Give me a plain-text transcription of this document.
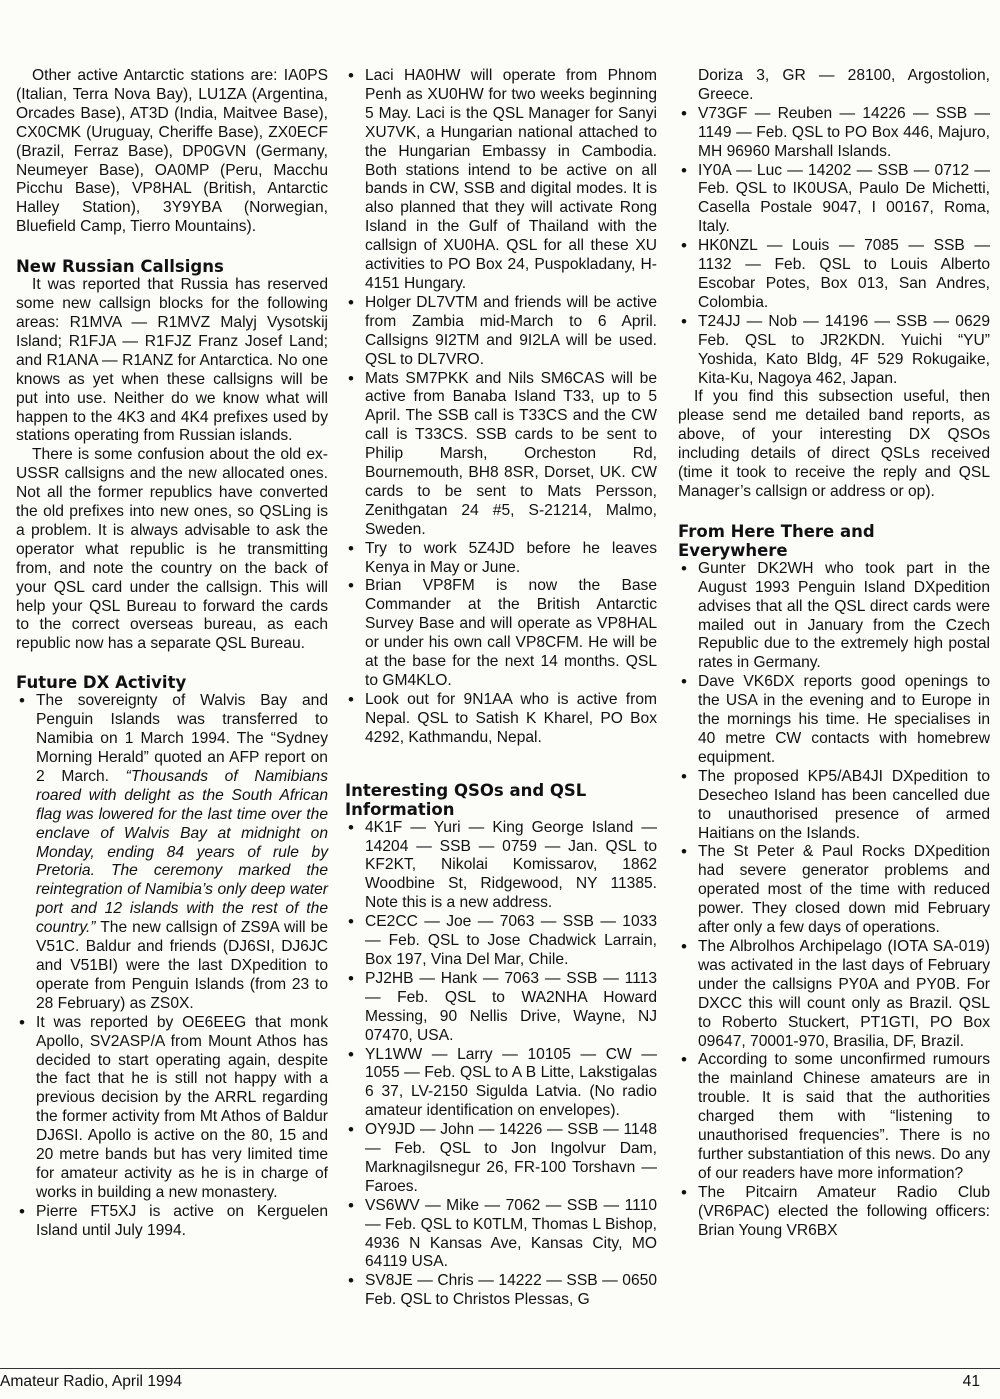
Other active Antarctic stations are: IA0PS (Italian, Terra Nova Bay), LU1ZA (Argentina, Orcades Base), AT3D (India, Maitvee Base), CX0CMK (Uruguay, Cheriffe Base), ZX0ECF (Brazil, Ferraz Base), DP0GVN (Germany, Neumeyer Base), OA0MP (Peru, Macchu Picchu Base), VP8HAL (British, Antarctic Halley Station), 3Y9YBA (Norwegian, Bluefield Camp, Tierro Mountains).

New Russian Callsigns

It was reported that Russia has reserved some new callsign blocks for the following areas: R1MVA — R1MVZ Malyj Vysotskij Island; R1FJA — R1FJZ Franz Josef Land; and R1ANA — R1ANZ for Antarctica. No one knows as yet when these callsigns will be put into use. Neither do we know what will happen to the 4K3 and 4K4 prefixes used by stations operating from Russian islands.

There is some confusion about the old ex-USSR callsigns and the new allocated ones. Not all the former republics have converted the old prefixes into new ones, so QSLing is a problem. It is always advisable to ask the operator what republic is he transmitting from, and note the country on the back of your QSL card under the callsign. This will help your QSL Bureau to forward the cards to the correct overseas bureau, as each republic now has a separate QSL Bureau.

Future DX Activity
• The sovereignty of Walvis Bay and Penguin Islands was transferred to Namibia on 1 March 1994. The “Sydney Morning Herald” quoted an AFP report on 2 March. “Thousands of Namibians roared with delight as the South African flag was lowered for the last time over the enclave of Walvis Bay at midnight on Monday, ending 84 years of rule by Pretoria. The ceremony marked the reintegration of Namibia’s only deep water port and 12 islands with the rest of the country.” The new callsign of ZS9A will be V51C. Baldur and friends (DJ6SI, DJ6JC and V51BI) were the last DXpedition to operate from Penguin Islands (from 23 to 28 February) as ZS0X.
• It was reported by OE6EEG that monk Apollo, SV2ASP/A from Mount Athos has decided to start operating again, despite the fact that he is still not happy with a previous decision by the ARRL regarding the former activity from Mt Athos of Baldur DJ6SI. Apollo is active on the 80, 15 and 20 metre bands but has very limited time for amateur activity as he is in charge of works in building a new monastery.
• Pierre FT5XJ is active on Kerguelen Island until July 1994.
• Laci HA0HW will operate from Phnom Penh as XU0HW for two weeks beginning 5 May. Laci is the QSL Manager for Sanyi XU7VK, a Hungarian national attached to the Hungarian Embassy in Cambodia. Both stations intend to be active on all bands in CW, SSB and digital modes. It is also planned that they will activate Rong Island in the Gulf of Thailand with the callsign of XU0HA. QSL for all these XU activities to PO Box 24, Puspokladany, H-4151 Hungary.
• Holger DL7VTM and friends will be active from Zambia mid-March to 6 April. Callsigns 9I2TM and 9I2LA will be used. QSL to DL7VRO.
• Mats SM7PKK and Nils SM6CAS will be active from Banaba Island T33, up to 5 April. The SSB call is T33CS and the CW call is T33CS. SSB cards to be sent to Philip Marsh, Orcheston Rd, Bournemouth, BH8 8SR, Dorset, UK. CW cards to be sent to Mats Persson, Zenithgatan 24 #5, S-21214, Malmo, Sweden.
• Try to work 5Z4JD before he leaves Kenya in May or June.
• Brian VP8FM is now the Base Commander at the British Antarctic Survey Base and will operate as VP8HAL or under his own call VP8CFM. He will be at the base for the next 14 months. QSL to GM4KLO.
• Look out for 9N1AA who is active from Nepal. QSL to Satish K Kharel, PO Box 4292, Kathmandu, Nepal.
Interesting QSOs and QSL Information
• 4K1F — Yuri — King George Island — 14204 — SSB — 0759 — Jan. QSL to KF2KT, Nikolai Komissarov, 1862 Woodbine St, Ridgewood, NY 11385. Note this is a new address.
• CE2CC — Joe — 7063 — SSB — 1033 — Feb. QSL to Jose Chadwick Larrain, Box 197, Vina Del Mar, Chile.
• PJ2HB — Hank — 7063 — SSB — 1113 — Feb. QSL to WA2NHA Howard Messing, 90 Nellis Drive, Wayne, NJ 07470, USA.
• YL1WW — Larry — 10105 — CW — 1055 — Feb. QSL to A B Litte, Lakstigalas 6 37, LV-2150 Sigulda Latvia. (No radio amateur identification on envelopes).
• OY9JD — John — 14226 — SSB — 1148 — Feb. QSL to Jon Ingolvur Dam, Marknagilsnegur 26, FR-100 Torshavn — Faroes.
• VS6WV — Mike — 7062 — SSB — 1110 — Feb. QSL to K0TLM, Thomas L Bishop, 4936 N Kansas Ave, Kansas City, MO 64119 USA.
• SV8JE — Chris — 14222 — SSB — 0650 Feb. QSL to Christos Plessas, G

Doriza 3, GR — 28100, Argostolion, Greece.

• V73GF — Reuben — 14226 — SSB — 1149 — Feb. QSL to PO Box 446, Majuro, MH 96960 Marshall Islands.
• IY0A — Luc — 14202 — SSB — 0712 — Feb. QSL to IK0USA, Paulo De Michetti, Casella Postale 9047, I 00167, Roma, Italy.
• HK0NZL — Louis — 7085 — SSB — 1132 — Feb. QSL to Louis Alberto Escobar Potes, Box 013, San Andres, Colombia.
• T24JJ — Nob — 14196 — SSB — 0629 Feb. QSL to JR2KDN. Yuichi “YU” Yoshida, Kato Bldg, 4F 529 Rokugaike, Kita-Ku, Nagoya 462, Japan.

If you find this subsection useful, then please send me detailed band reports, as above, of your interesting DX QSOs including details of direct QSLs received (time it took to receive the reply and QSL Manager’s callsign or address or op).

From Here There and Everywhere
• Gunter DK2WH who took part in the August 1993 Penguin Island DXpedition advises that all the QSL direct cards were mailed out in January from the Czech Republic due to the extremely high postal rates in Germany.
• Dave VK6DX reports good openings to the USA in the evening and to Europe in the mornings his time. He specialises in 40 metre CW contacts with homebrew equipment.
• The proposed KP5/AB4JI DXpedition to Desecheo Island has been cancelled due to unauthorised presence of armed Haitians on the Islands.
• The St Peter & Paul Rocks DXpedition had severe generator problems and operated most of the time with reduced power. They closed down mid February after only a few days of operations.
• The Albrolhos Archipelago (IOTA SA-019) was activated in the last days of February under the callsigns PY0A and PY0B. For DXCC this will count only as Brazil. QSL to Roberto Stuckert, PT1GTI, PO Box 09647, 70001-970, Brasilia, DF, Brazil.
• According to some unconfirmed rumours the mainland Chinese amateurs are in trouble. It is said that the authorities charged them with “listening to unauthorised frequencies”. There is no further substantiation of this news. Do any of our readers have more information?
• The Pitcairn Amateur Radio Club (VR6PAC) elected the following officers: Brian Young VR6BX
Amateur Radio, April 1994	41
